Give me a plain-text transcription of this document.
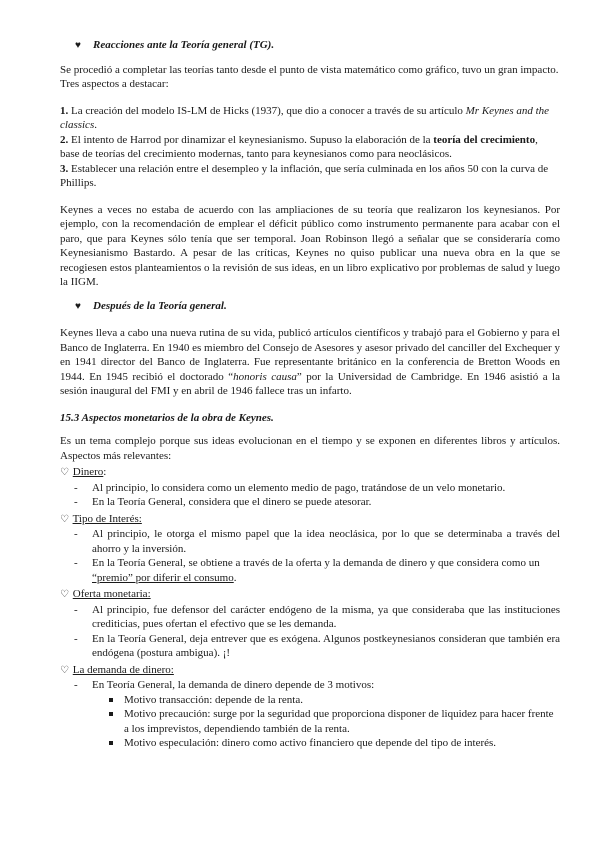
♥ Reacciones ante la Teoría general (TG).

Se procedió a completar las teorías tanto desde el punto de vista matemático como gráfico, tuvo un gran impacto. Tres aspectos a destacar:

1. La creación del modelo IS-LM de Hicks (1937), que dio a conocer a través de su artículo Mr Keynes and the classics.

2. El intento de Harrod por dinamizar el keynesianismo. Supuso la elaboración de la teoría del crecimiento, base de teorías del crecimiento modernas, tanto para keynesianos como para neoclásicos.

3. Establecer una relación entre el desempleo y la inflación, que sería culminada en los años 50 con la curva de Phillips.

Keynes a veces no estaba de acuerdo con las ampliaciones de su teoría que realizaron los keynesianos. Por ejemplo, con la recomendación de emplear el déficit público como instrumento permanente para acabar con el paro, que para Keynes sólo tenía que ser temporal. Joan Robinson llegó a señalar que se consideraría como Keynesianismo Bastardo. A pesar de las críticas, Keynes no quiso publicar una nueva obra en la que se recogiesen estos planteamientos o la revisión de sus ideas, en un libro explicativo por problemas de salud y luego la IIGM.

♥ Después de la Teoría general.

Keynes lleva a cabo una nueva rutina de su vida, publicó artículos científicos y trabajó para el Gobierno y para el Banco de Inglaterra. En 1940 es miembro del Consejo de Asesores y asesor privado del canciller del Exchequer y en 1941 director del Banco de Inglaterra. Fue representante británico en la conferencia de Bretton Woods en 1944. En 1945 recibió el doctorado “honoris causa” por la Universidad de Cambridge. En 1946 asistió a la sesión inaugural del FMI y en abril de 1946 fallece tras un infarto.

15.3 Aspectos monetarios de la obra de Keynes.

Es un tema complejo porque sus ideas evolucionan en el tiempo y se exponen en diferentes libros y artículos. Aspectos más relevantes:

♡ Dinero:

- Al principio, lo considera como un elemento medio de pago, tratándose de un velo monetario.
- En la Teoría General, considera que el dinero se puede atesorar.

♡ Tipo de Interés:

- Al principio, le otorga el mismo papel que la idea neoclásica, por lo que se determinaba a través del ahorro y la inversión.
- En la Teoría General, se obtiene a través de la oferta y la demanda de dinero y que considera como un “premio” por diferir el consumo.

♡ Oferta monetaria:

- Al principio, fue defensor del carácter endógeno de la misma, ya que consideraba que las instituciones crediticias, pues ofertan el efectivo que se les demanda.
- En la Teoría General, deja entrever que es exógena. Algunos postkeynesianos consideran que también era endógena (postura ambigua). ¡!

♡ La demanda de dinero:

- En Teoría General, la demanda de dinero depende de 3 motivos:
Motivo transacción: depende de la renta.
Motivo precaución: surge por la seguridad que proporciona disponer de liquidez para hacer frente a los imprevistos, dependiendo también de la renta.
Motivo especulación: dinero como activo financiero que depende del tipo de interés.
